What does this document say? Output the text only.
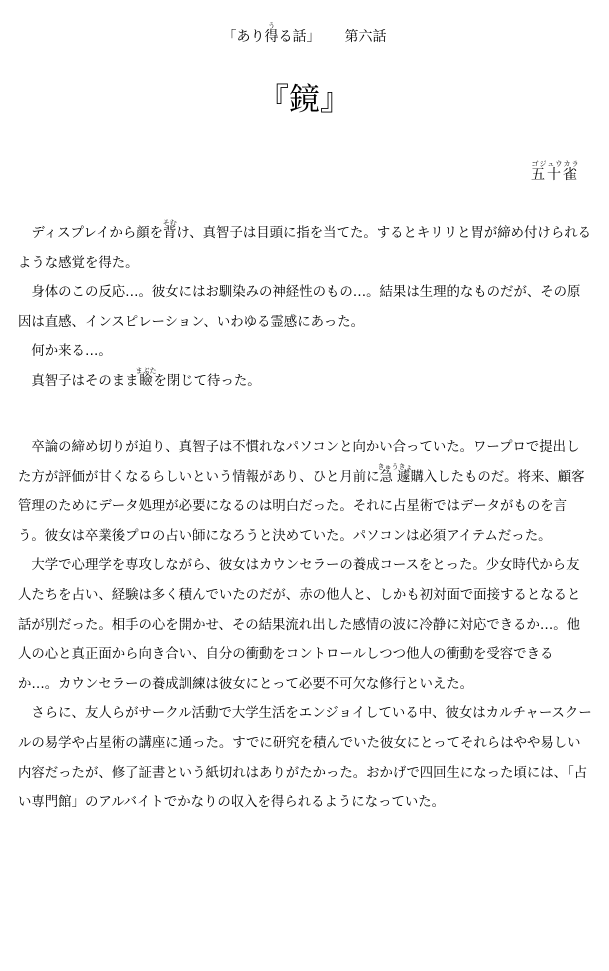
「あり得うる話」 第六話
『鏡』
五十雀ゴジュウカラ

ディスプレイから顔を背そむけ、真智子は目頭に指を当てた。するとキリリと胃が締め付けられるような感覚を得た。

身体のこの反応…。彼女にはお馴染みの神経性のもの…。結果は生理的なものだが、その原因は直感、インスピレーション、いわゆる霊感にあった。

何か来る…。

真智子はそのまま瞼まぶたを閉じて待った。

卒論の締め切りが迫り、真智子は不慣れなパソコンと向かい合っていた。ワープロで提出した方が評価が甘くなるらしいという情報があり、ひと月前に急遽きゅうきょ購入したものだ。将来、顧客管理のためにデータ処理が必要になるのは明白だった。それに占星術ではデータがものを言う。彼女は卒業後プロの占い師になろうと決めていた。パソコンは必須アイテムだった。

大学で心理学を専攻しながら、彼女はカウンセラーの養成コースをとった。少女時代から友人たちを占い、経験は多く積んでいたのだが、赤の他人と、しかも初対面で面接するとなると話が別だった。相手の心を開かせ、その結果流れ出した感情の波に冷静に対応できるか…。他人の心と真正面から向き合い、自分の衝動をコントロールしつつ他人の衝動を受容できるか…。カウンセラーの養成訓練は彼女にとって必要不可欠な修行といえた。

さらに、友人らがサークル活動で大学生活をエンジョイしている中、彼女はカルチャースクールの易学や占星術の講座に通った。すでに研究を積んでいた彼女にとってそれらはやや易しい内容だったが、修了証書という紙切れはありがたかった。おかげで四回生になった頃には、「占い専門館」のアルバイトでかなりの収入を得られるようになっていた。
